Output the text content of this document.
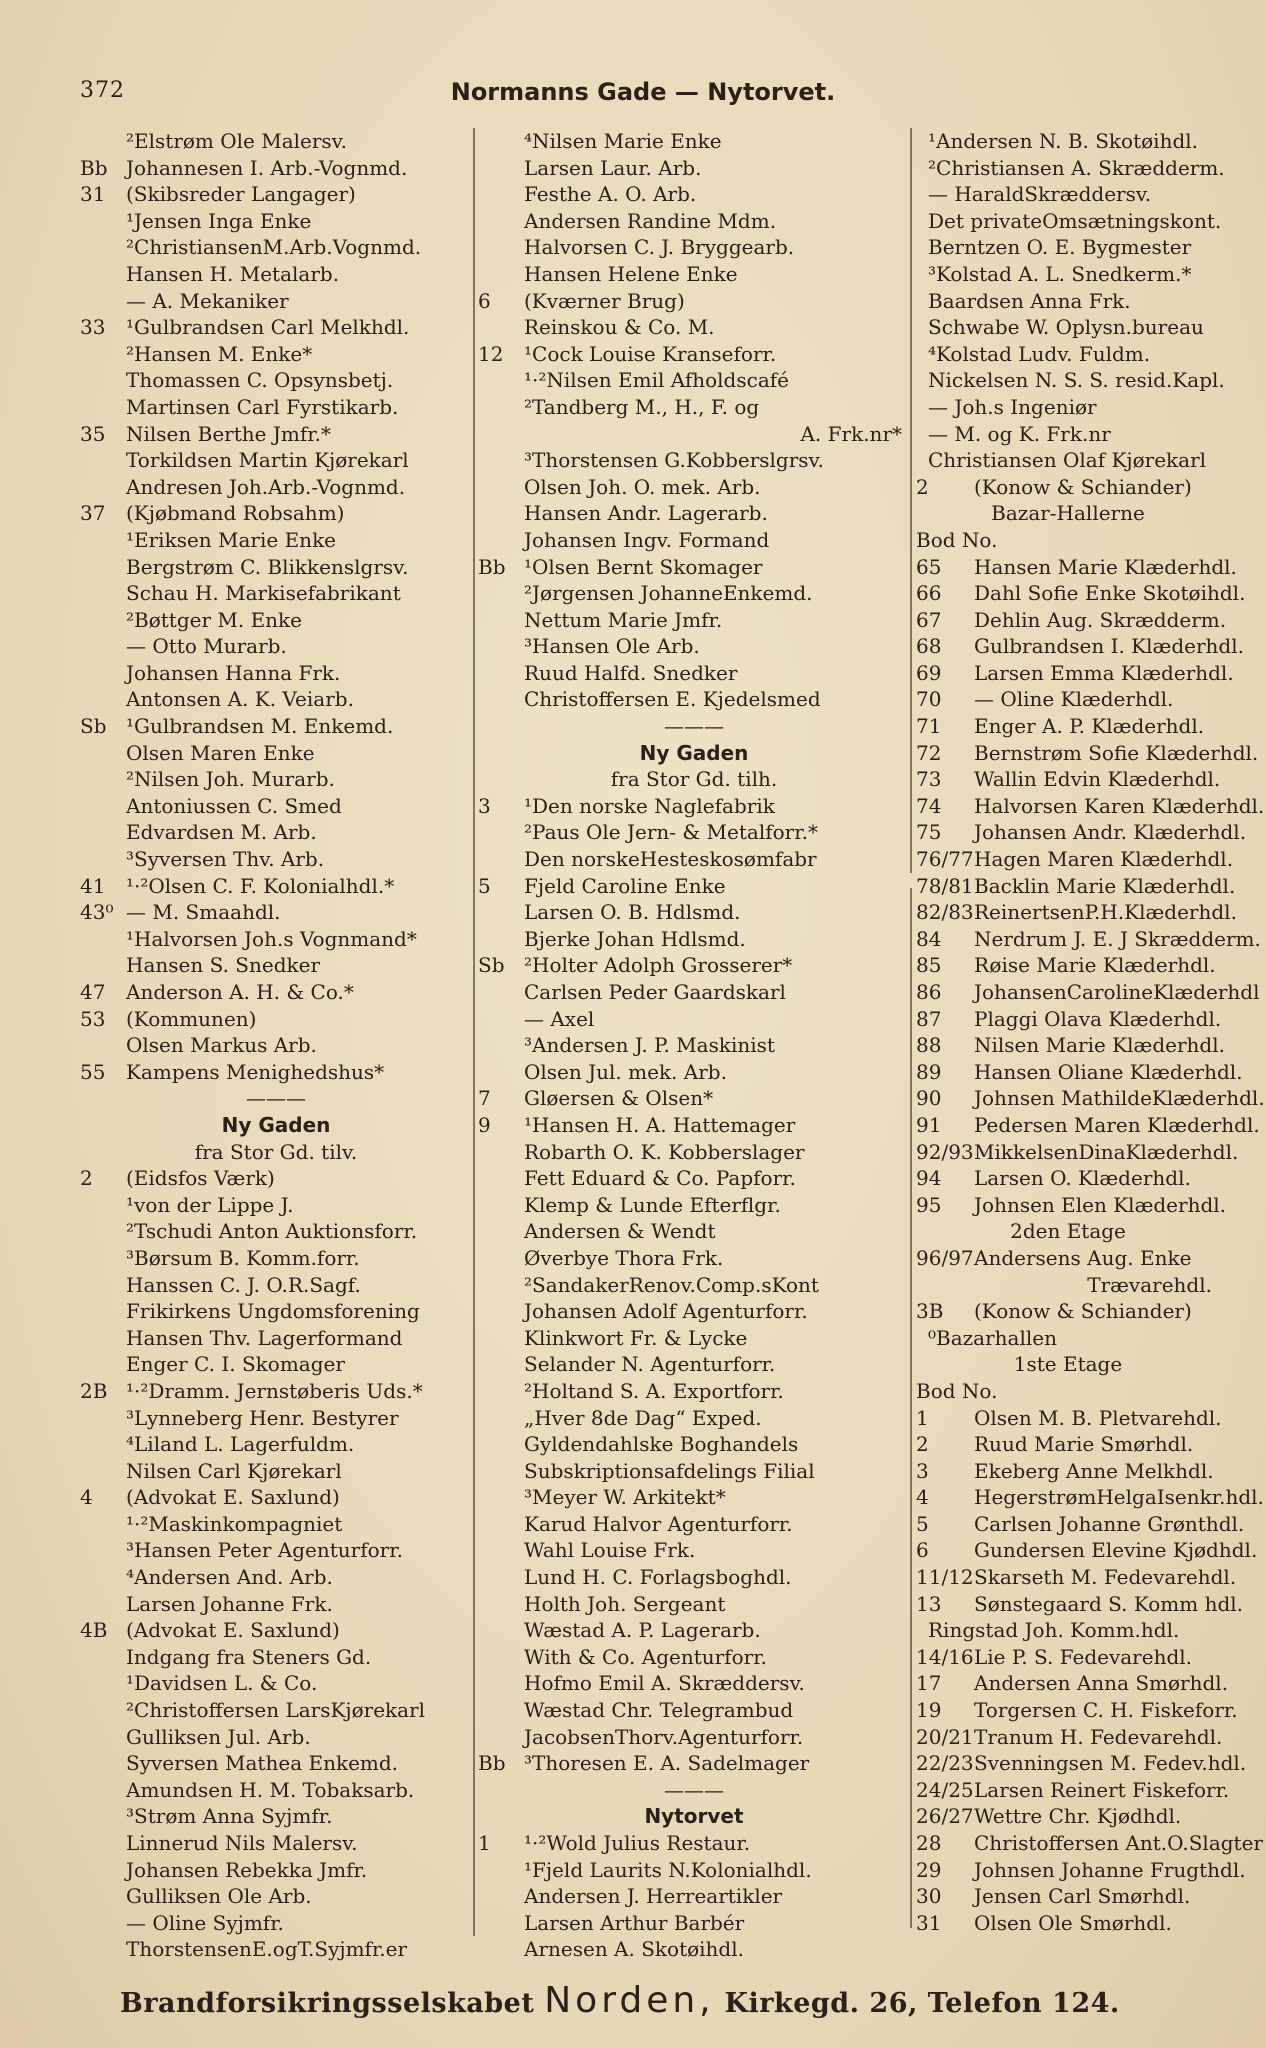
372	Normanns Gade — Nytorvet.
²Elstrøm Ole Malersv.
Bb Johannesen I. Arb.-Vognmd.
31 (Skibsreder Langager)
¹Jensen Inga Enke
²ChristiansenM.Arb.Vognmd.
Hansen H. Metalarb.
— A. Mekaniker
33 ¹Gulbrandsen Carl Melkhdl.
²Hansen M. Enke*
Thomassen C. Opsynsbetj.
Martinsen Carl Fyrstikarb.
35 Nilsen Berthe Jmfr.*
Torkildsen Martin Kjørekarl
Andresen Joh.Arb.-Vognmd.
37 (Kjøbmand Robsahm)
¹Eriksen Marie Enke
Bergstrøm C. Blikkenslgrsv.
Schau H. Markisefabrikant
²Bøttger M. Enke
— Otto Murarb.
Johansen Hanna Frk.
Antonsen A. K. Veiarb.
Sb ¹Gulbrandsen M. Enkemd.
Olsen Maren Enke
²Nilsen Joh. Murarb.
Antoniussen C. Smed
Edvardsen M. Arb.
³Syversen Thv. Arb.
41 ¹·²Olsen C. F. Kolonialhdl.*
43⁰ — M. Smaahdl.
¹Halvorsen Joh.s Vognmand*
Hansen S. Snedker
47 Anderson A. H. & Co.*
53 (Kommunen)
Olsen Markus Arb.
55 Kampens Menighedshus*
———
Ny Gaden
fra Stor Gd. tilv.
2 (Eidsfos Værk)
¹von der Lippe J.
²Tschudi Anton Auktionsforr.
³Børsum B. Komm.forr.
Hanssen C. J. O.R.Sagf.
Frikirkens Ungdomsforening
Hansen Thv. Lagerformand
Enger C. I. Skomager
2B ¹·²Dramm. Jernstøberis Uds.*
³Lynneberg Henr. Bestyrer
⁴Liland L. Lagerfuldm.
Nilsen Carl Kjørekarl
4 (Advokat E. Saxlund)
¹·²Maskinkompagniet
³Hansen Peter Agenturforr.
⁴Andersen And. Arb.
Larsen Johanne Frk.
4B (Advokat E. Saxlund)
Indgang fra Steners Gd.
¹Davidsen L. & Co.
²Christoffersen LarsKjørekarl
Gulliksen Jul. Arb.
Syversen Mathea Enkemd.
Amundsen H. M. Tobaksarb.
³Strøm Anna Syjmfr.
Linnerud Nils Malersv.
Johansen Rebekka Jmfr.
Gulliksen Ole Arb.
— Oline Syjmfr.
ThorstensenE.ogT.Syjmfr.er
⁴Nilsen Marie Enke
Larsen Laur. Arb.
Festhe A. O. Arb.
Andersen Randine Mdm.
Halvorsen C. J. Bryggearb.
Hansen Helene Enke
6 (Kværner Brug)
Reinskou & Co. M.
12 ¹Cock Louise Kranseforr.
¹·²Nilsen Emil Afholdscafé
²Tandberg M., H., F. og
A. Frk.nr*
³Thorstensen G.Kobberslgrsv.
Olsen Joh. O. mek. Arb.
Hansen Andr. Lagerarb.
Johansen Ingv. Formand
Bb ¹Olsen Bernt Skomager
²Jørgensen JohanneEnkemd.
Nettum Marie Jmfr.
³Hansen Ole Arb.
Ruud Halfd. Snedker
Christoffersen E. Kjedelsmed
———
Ny Gaden
fra Stor Gd. tilh.
3 ¹Den norske Naglefabrik
²Paus Ole Jern- & Metalforr.*
Den norskeHesteskosømfabr
5 Fjeld Caroline Enke
Larsen O. B. Hdlsmd.
Bjerke Johan Hdlsmd.
Sb ²Holter Adolph Grosserer*
Carlsen Peder Gaardskarl
— Axel
³Andersen J. P. Maskinist
Olsen Jul. mek. Arb.
7 Gløersen & Olsen*
9 ¹Hansen H. A. Hattemager
Robarth O. K. Kobberslager
Fett Eduard & Co. Papforr.
Klemp & Lunde Efterflgr.
Andersen & Wendt
Øverbye Thora Frk.
²SandakerRenov.Comp.sKont
Johansen Adolf Agenturforr.
Klinkwort Fr. & Lycke
Selander N. Agenturforr.
²Holtand S. A. Exportforr.
„Hver 8de Dag“ Exped.
Gyldendahlske Boghandels
Subskriptionsafdelings Filial
³Meyer W. Arkitekt*
Karud Halvor Agenturforr.
Wahl Louise Frk.
Lund H. C. Forlagsboghdl.
Holth Joh. Sergeant
Wæstad A. P. Lagerarb.
With & Co. Agenturforr.
Hofmo Emil A. Skræddersv.
Wæstad Chr. Telegrambud
JacobsenThorv.Agenturforr.
Bb ³Thoresen E. A. Sadelmager
———
Nytorvet
1 ¹·²Wold Julius Restaur.
¹Fjeld Laurits N.Kolonialhdl.
Andersen J. Herreartikler
Larsen Arthur Barbér
Arnesen A. Skotøihdl.
¹Andersen N. B. Skotøihdl.
²Christiansen A. Skrædderm.
— HaraldSkræddersv.
Det privateOmsætningskont.
Berntzen O. E. Bygmester
³Kolstad A. L. Snedkerm.*
Baardsen Anna Frk.
Schwabe W. Oplysn.bureau
⁴Kolstad Ludv. Fuldm.
Nickelsen N. S. S. resid.Kapl.
— Joh.s Ingeniør
— M. og K. Frk.nr
Christiansen Olaf Kjørekarl
2 (Konow & Schiander)
Bazar-Hallerne
Bod No.
65 Hansen Marie Klæderhdl.
66 Dahl Sofie Enke Skotøihdl.
67 Dehlin Aug. Skrædderm.
68 Gulbrandsen I. Klæderhdl.
69 Larsen Emma Klæderhdl.
70 — Oline Klæderhdl.
71 Enger A. P. Klæderhdl.
72 Bernstrøm Sofie Klæderhdl.
73 Wallin Edvin Klæderhdl.
74 Halvorsen Karen Klæderhdl.
75 Johansen Andr. Klæderhdl.
76/77Hagen Maren Klæderhdl.
78/81Backlin Marie Klæderhdl.
82/83ReinertsenP.H.Klæderhdl.
84 Nerdrum J. E. J Skrædderm.
85 Røise Marie Klæderhdl.
86 JohansenCarolineKlæderhdl
87 Plaggi Olava Klæderhdl.
88 Nilsen Marie Klæderhdl.
89 Hansen Oliane Klæderhdl.
90 Johnsen MathildeKlæderhdl.
91 Pedersen Maren Klæderhdl.
92/93MikkelsenDinaKlæderhdl.
94 Larsen O. Klæderhdl.
95 Johnsen Elen Klæderhdl.
2den Etage
96/97Andersens Aug. Enke
Trævarehdl.
3B (Konow & Schiander)
⁰Bazarhallen
1ste Etage
Bod No.
1 Olsen M. B. Pletvarehdl.
2 Ruud Marie Smørhdl.
3 Ekeberg Anne Melkhdl.
4 HegerstrømHelgaIsenkr.hdl.
5 Carlsen Johanne Grønthdl.
6 Gundersen Elevine Kjødhdl.
11/12Skarseth M. Fedevarehdl.
13 Sønstegaard S. Komm hdl.
Ringstad Joh. Komm.hdl.
14/16Lie P. S. Fedevarehdl.
17 Andersen Anna Smørhdl.
19 Torgersen C. H. Fiskeforr.
20/21Tranum H. Fedevarehdl.
22/23Svenningsen M. Fedev.hdl.
24/25Larsen Reinert Fiskeforr.
26/27Wettre Chr. Kjødhdl.
28 Christoffersen Ant.O.Slagter
29 Johnsen Johanne Frugthdl.
30 Jensen Carl Smørhdl.
31 Olsen Ole Smørhdl.
Brandforsikringsselskabet Norden, Kirkegd. 26, Telefon 124.
